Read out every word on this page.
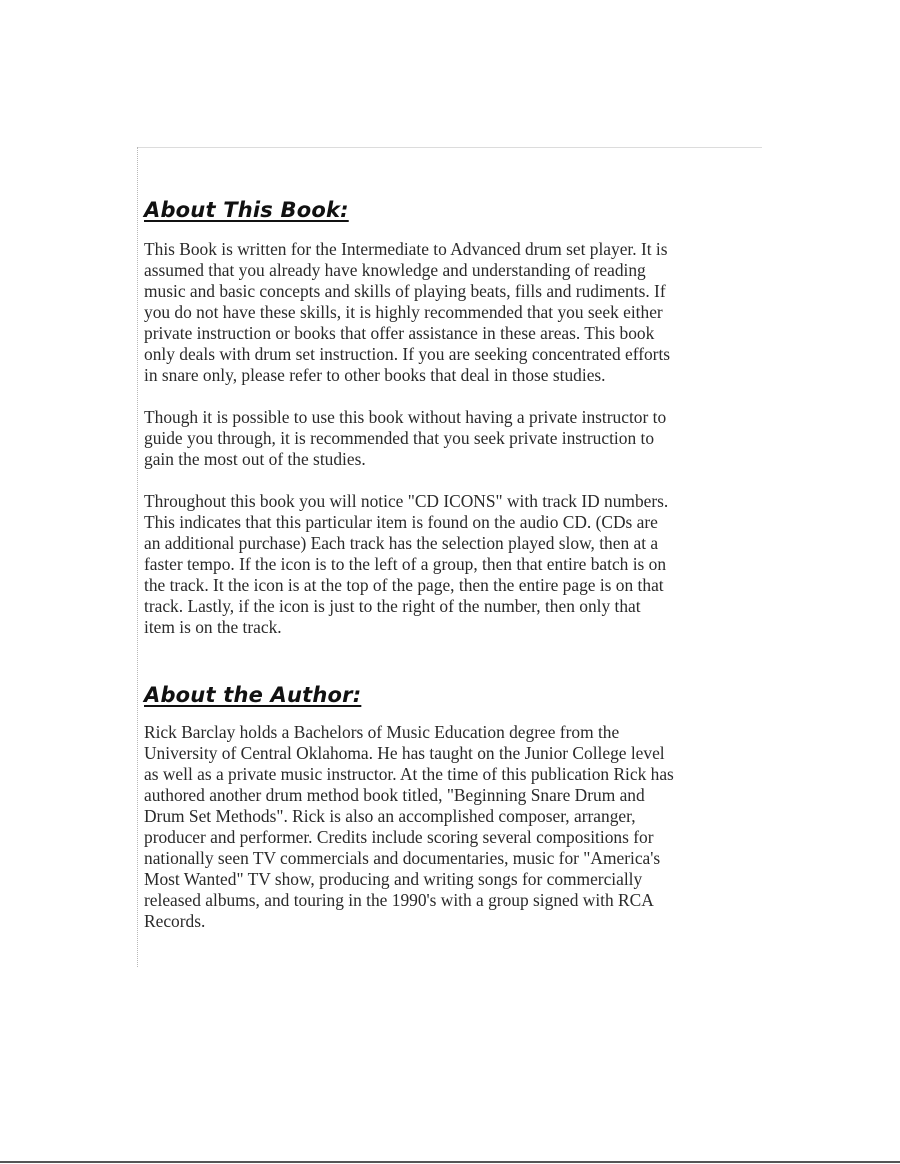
About This Book:

This Book is written for the Intermediate to Advanced drum set player. It is
assumed that you already have knowledge and understanding of reading
music and basic concepts and skills of playing beats, fills and rudiments. If
you do not have these skills, it is highly recommended that you seek either
private instruction or books that offer assistance in these areas. This book
only deals with drum set instruction. If you are seeking concentrated efforts
in snare only, please refer to other books that deal in those studies.

Though it is possible to use this book without having a private instructor to
guide you through, it is recommended that you seek private instruction to
gain the most out of the studies.

Throughout this book you will notice "CD ICONS" with track ID numbers.
This indicates that this particular item is found on the audio CD. (CDs are
an additional purchase) Each track has the selection played slow, then at a
faster tempo. If the icon is to the left of a group, then that entire batch is on
the track. It the icon is at the top of the page, then the entire page is on that
track. Lastly, if the icon is just to the right of the number, then only that
item is on the track.

About the Author:

Rick Barclay holds a Bachelors of Music Education degree from the
University of Central Oklahoma. He has taught on the Junior College level
as well as a private music instructor. At the time of this publication Rick has
authored another drum method book titled, "Beginning Snare Drum and
Drum Set Methods". Rick is also an accomplished composer, arranger,
producer and performer. Credits include scoring several compositions for
nationally seen TV commercials and documentaries, music for "America's
Most Wanted" TV show, producing and writing songs for commercially
released albums, and touring in the 1990's with a group signed with RCA
Records.
